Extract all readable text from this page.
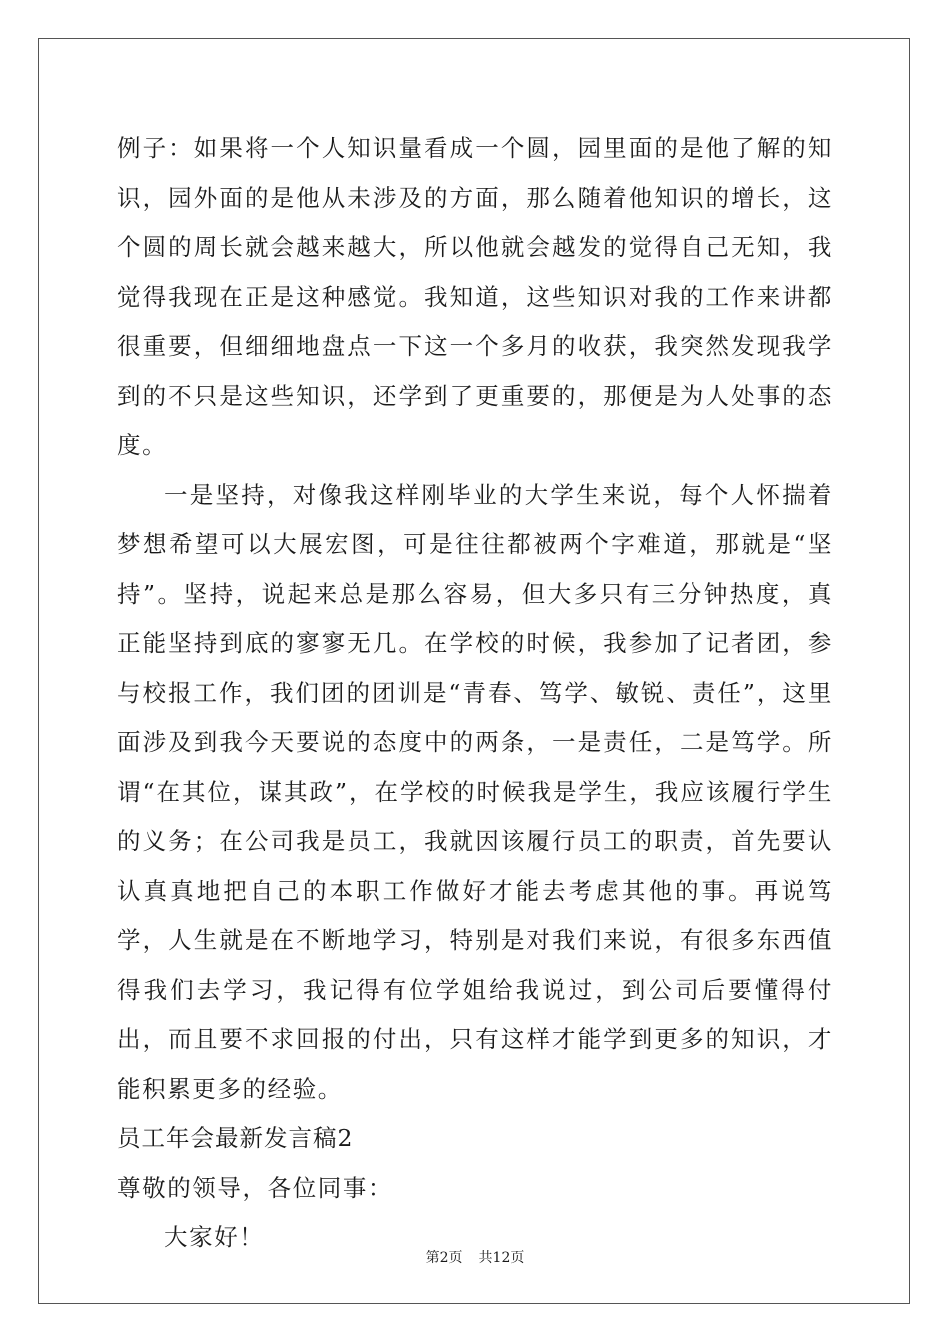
例子：如果将一个人知识量看成一个圆，园里面的是他了解的知识，园外面的是他从未涉及的方面，那么随着他知识的增长，这个圆的周长就会越来越大，所以他就会越发的觉得自己无知，我觉得我现在正是这种感觉。我知道，这些知识对我的工作来讲都很重要，但细细地盘点一下这一个多月的收获，我突然发现我学到的不只是这些知识，还学到了更重要的，那便是为人处事的态度。

一是坚持，对像我这样刚毕业的大学生来说，每个人怀揣着梦想希望可以大展宏图，可是往往都被两个字难道，那就是“坚持”。坚持，说起来总是那么容易，但大多只有三分钟热度，真正能坚持到底的寥寥无几。在学校的时候，我参加了记者团，参与校报工作，我们团的团训是“青春、笃学、敏锐、责任”，这里面涉及到我今天要说的态度中的两条，一是责任，二是笃学。所谓“在其位，谋其政”，在学校的时候我是学生，我应该履行学生的义务；在公司我是员工，我就因该履行员工的职责，首先要认认真真地把自己的本职工作做好才能去考虑其他的事。再说笃学，人生就是在不断地学习，特别是对我们来说，有很多东西值得我们去学习，我记得有位学姐给我说过，到公司后要懂得付出，而且要不求回报的付出，只有这样才能学到更多的知识，才能积累更多的经验。

员工年会最新发言稿2

尊敬的领导，各位同事：

大家好！

第2页 共12页
